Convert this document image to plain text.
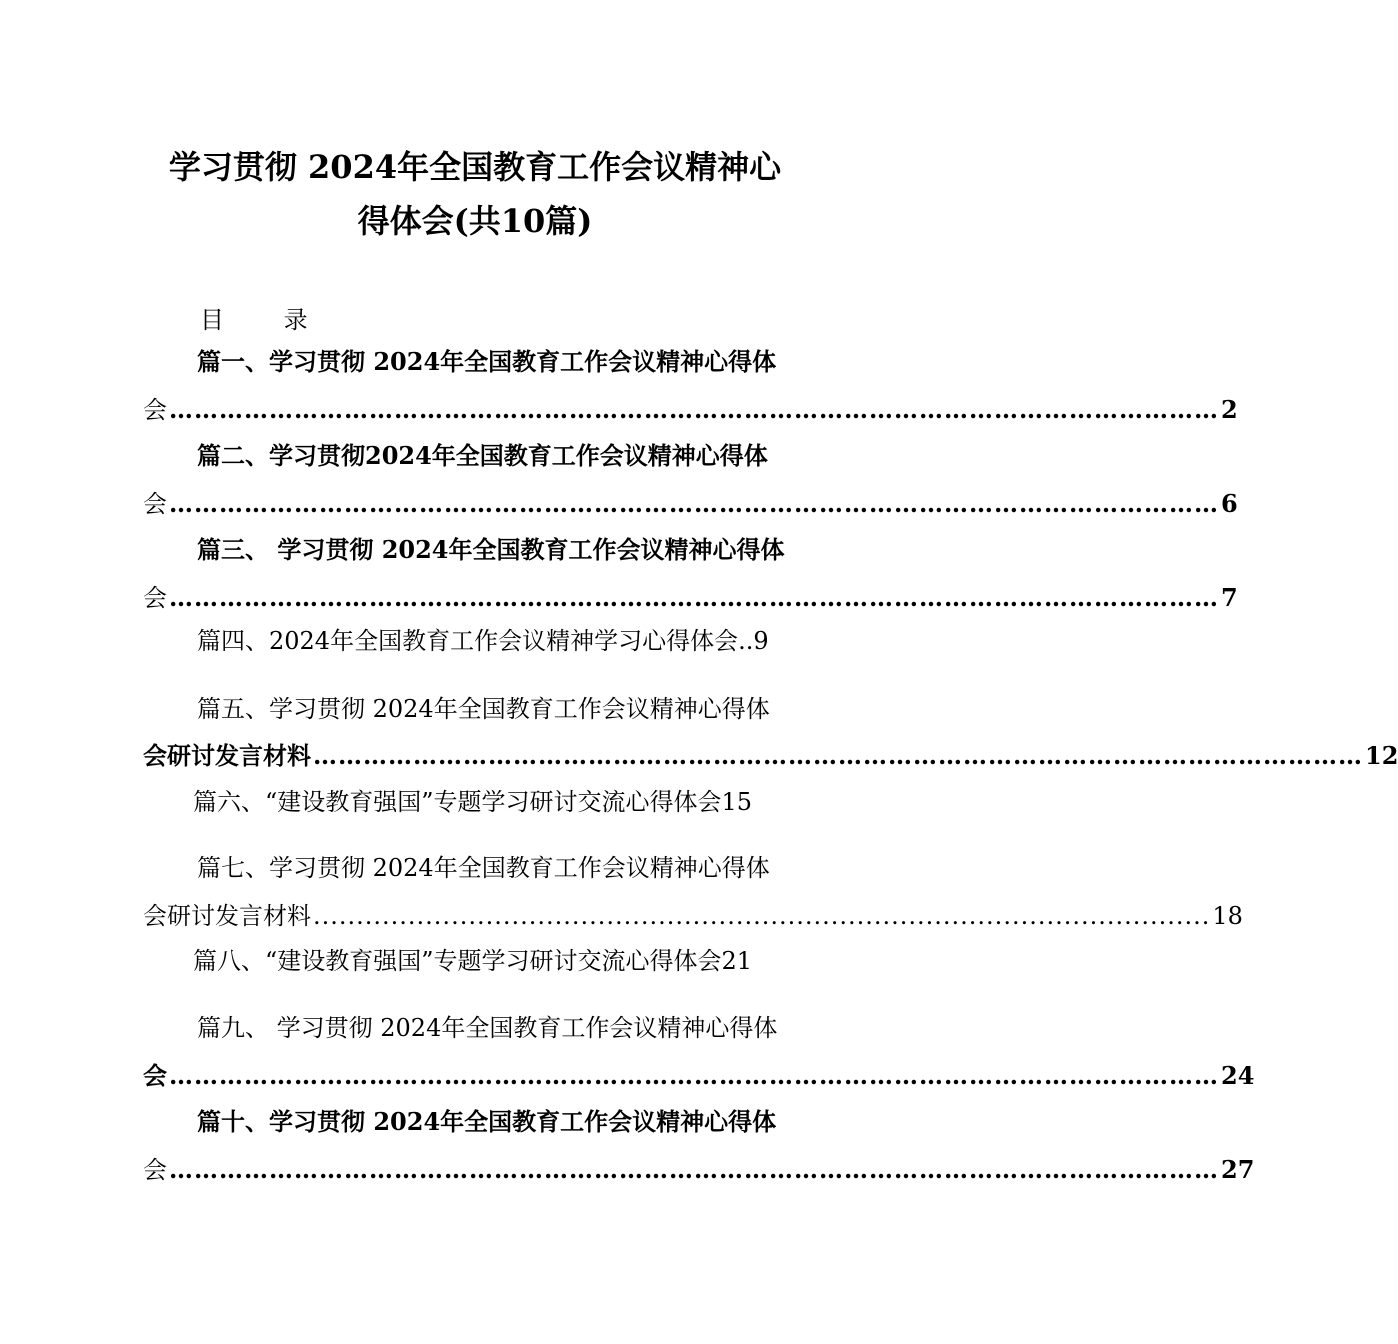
学习贯彻 2024年全国教育工作会议精神心
得体会(共10篇)
目 录
篇一、学习贯彻 2024年全国教育工作会议精神心得体
会 ……………………………………………………………………………………………………………… 2
篇二、学习贯彻2024年全国教育工作会议精神心得体
会 ……………………………………………………………………………………………………………… 6
篇三、 学习贯彻 2024年全国教育工作会议精神心得体
会 ……………………………………………………………………………………………………………… 7
篇四、2024年全国教育工作会议精神学习心得体会..9
篇五、学习贯彻 2024年全国教育工作会议精神心得体
会研讨发言材料 ……………………………………………………………………………………………………………… 12
篇六、“建设教育强国”专题学习研讨交流心得体会15
篇七、学习贯彻 2024年全国教育工作会议精神心得体
会研讨发言材料 ........................................................................................................ 18
篇八、“建设教育强国”专题学习研讨交流心得体会21
篇九、 学习贯彻 2024年全国教育工作会议精神心得体
会 ……………………………………………………………………………………………………………… 24
篇十、学习贯彻 2024年全国教育工作会议精神心得体
会 ……………………………………………………………………………………………………………… 27
